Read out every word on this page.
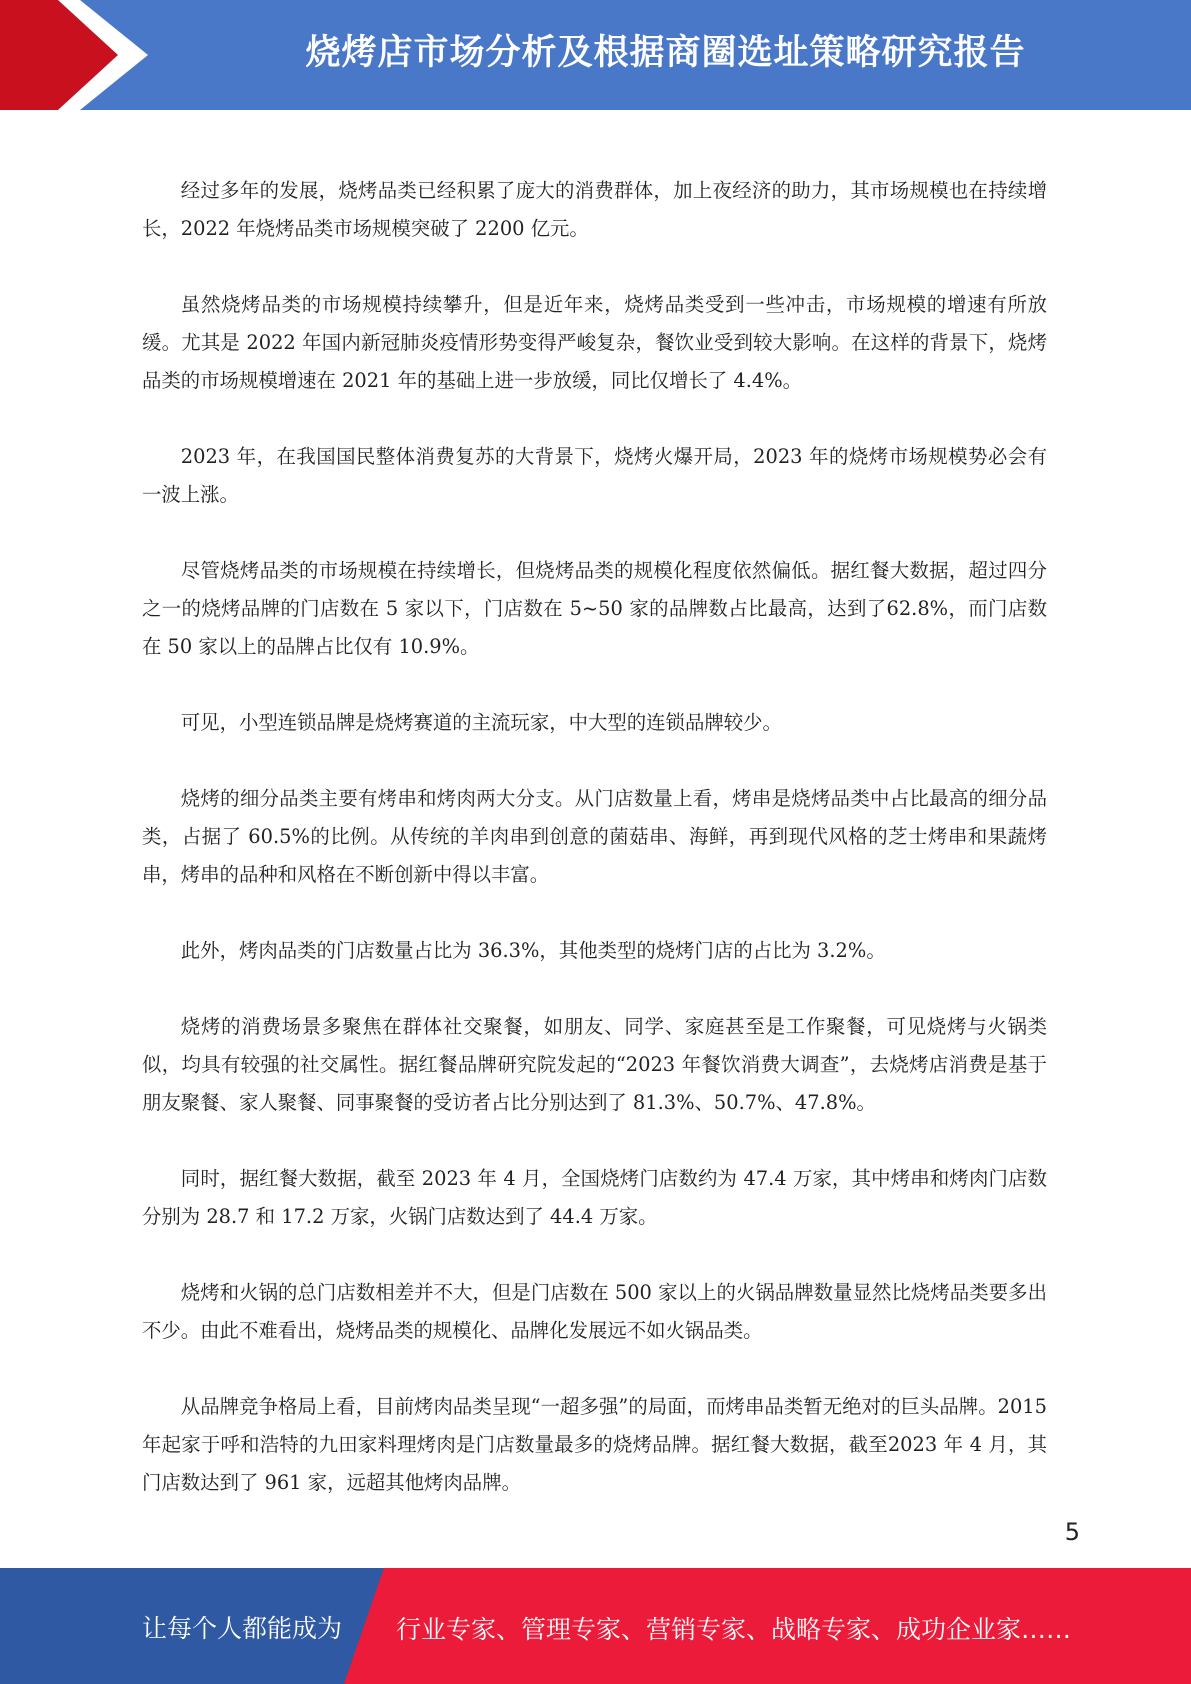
烧烤店市场分析及根据商圈选址策略研究报告

经过多年的发展，烧烤品类已经积累了庞大的消费群体，加上夜经济的助力，其市场规模也在持续增长，2022 年烧烤品类市场规模突破了 2200 亿元。

虽然烧烤品类的市场规模持续攀升，但是近年来，烧烤品类受到一些冲击，市场规模的增速有所放缓。尤其是 2022 年国内新冠肺炎疫情形势变得严峻复杂，餐饮业受到较大影响。在这样的背景下，烧烤品类的市场规模增速在 2021 年的基础上进一步放缓，同比仅增长了 4.4%。

2023 年，在我国国民整体消费复苏的大背景下，烧烤火爆开局，2023 年的烧烤市场规模势必会有一波上涨。

尽管烧烤品类的市场规模在持续增长，但烧烤品类的规模化程度依然偏低。据红餐大数据，超过四分之一的烧烤品牌的门店数在 5 家以下，门店数在 5~50 家的品牌数占比最高，达到了62.8%，而门店数在 50 家以上的品牌占比仅有 10.9%。

可见，小型连锁品牌是烧烤赛道的主流玩家，中大型的连锁品牌较少。

烧烤的细分品类主要有烤串和烤肉两大分支。从门店数量上看，烤串是烧烤品类中占比最高的细分品类，占据了 60.5%的比例。从传统的羊肉串到创意的菌菇串、海鲜，再到现代风格的芝士烤串和果蔬烤串，烤串的品种和风格在不断创新中得以丰富。

此外，烤肉品类的门店数量占比为 36.3%，其他类型的烧烤门店的占比为 3.2%。

烧烤的消费场景多聚焦在群体社交聚餐，如朋友、同学、家庭甚至是工作聚餐，可见烧烤与火锅类似，均具有较强的社交属性。据红餐品牌研究院发起的“2023 年餐饮消费大调查”，去烧烤店消费是基于朋友聚餐、家人聚餐、同事聚餐的受访者占比分别达到了 81.3%、50.7%、47.8%。

同时，据红餐大数据，截至 2023 年 4 月，全国烧烤门店数约为 47.4 万家，其中烤串和烤肉门店数分别为 28.7 和 17.2 万家，火锅门店数达到了 44.4 万家。

烧烤和火锅的总门店数相差并不大，但是门店数在 500 家以上的火锅品牌数量显然比烧烤品类要多出不少。由此不难看出，烧烤品类的规模化、品牌化发展远不如火锅品类。

从品牌竞争格局上看，目前烤肉品类呈现“一超多强”的局面，而烤串品类暂无绝对的巨头品牌。2015 年起家于呼和浩特的九田家料理烤肉是门店数量最多的烧烤品牌。据红餐大数据，截至2023 年 4 月，其门店数达到了 961 家，远超其他烤肉品牌。

5
让每个人都能成为 行业专家、管理专家、营销专家、战略专家、成功企业家……
